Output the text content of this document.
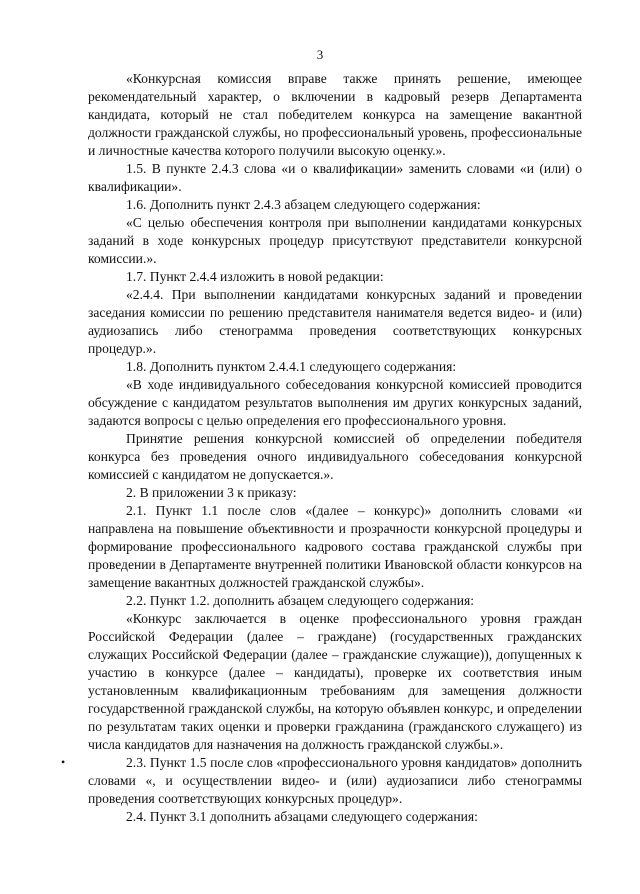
3

«Конкурсная комиссия вправе также принять решение, имеющее рекомендательный характер, о включении в кадровый резерв Департамента кандидата, который не стал победителем конкурса на замещение вакантной должности гражданской службы, но профессиональный уровень, профессиональные и личностные качества которого получили высокую оценку.».

1.5. В пункте 2.4.3 слова «и о квалификации» заменить словами «и (или) о квалификации».

1.6. Дополнить пункт 2.4.3 абзацем следующего содержания:

«С целью обеспечения контроля при выполнении кандидатами конкурсных заданий в ходе конкурсных процедур присутствуют представители конкурсной комиссии.».

1.7. Пункт 2.4.4 изложить в новой редакции:

«2.4.4. При выполнении кандидатами конкурсных заданий и проведении заседания комиссии по решению представителя нанимателя ведется видео- и (или) аудиозапись либо стенограмма проведения соответствующих конкурсных процедур.».

1.8. Дополнить пунктом 2.4.4.1 следующего содержания:

«В ходе индивидуального собеседования конкурсной комиссией проводится обсуждение с кандидатом результатов выполнения им других конкурсных заданий, задаются вопросы с целью определения его профессионального уровня.

Принятие решения конкурсной комиссией об определении победителя конкурса без проведения очного индивидуального собеседования конкурсной комиссией с кандидатом не допускается.».

2. В приложении 3 к приказу:

2.1. Пункт 1.1 после слов «(далее – конкурс)» дополнить словами «и направлена на повышение объективности и прозрачности конкурсной процедуры и формирование профессионального кадрового состава гражданской службы при проведении в Департаменте внутренней политики Ивановской области конкурсов на замещение вакантных должностей гражданской службы».

2.2. Пункт 1.2. дополнить абзацем следующего содержания:

«Конкурс заключается в оценке профессионального уровня граждан Российской Федерации (далее – граждане) (государственных гражданских служащих Российской Федерации (далее – гражданские служащие)), допущенных к участию в конкурсе (далее – кандидаты), проверке их соответствия иным установленным квалификационным требованиям для замещения должности государственной гражданской службы, на которую объявлен конкурс, и определении по результатам таких оценки и проверки гражданина (гражданского служащего) из числа кандидатов для назначения на должность гражданской службы.».

•	2.3. Пункт 1.5 после слов «профессионального уровня кандидатов» дополнить словами «, и осуществлении видео- и (или) аудиозаписи либо стенограммы проведения соответствующих конкурсных процедур».

2.4. Пункт 3.1 дополнить абзацами следующего содержания:
